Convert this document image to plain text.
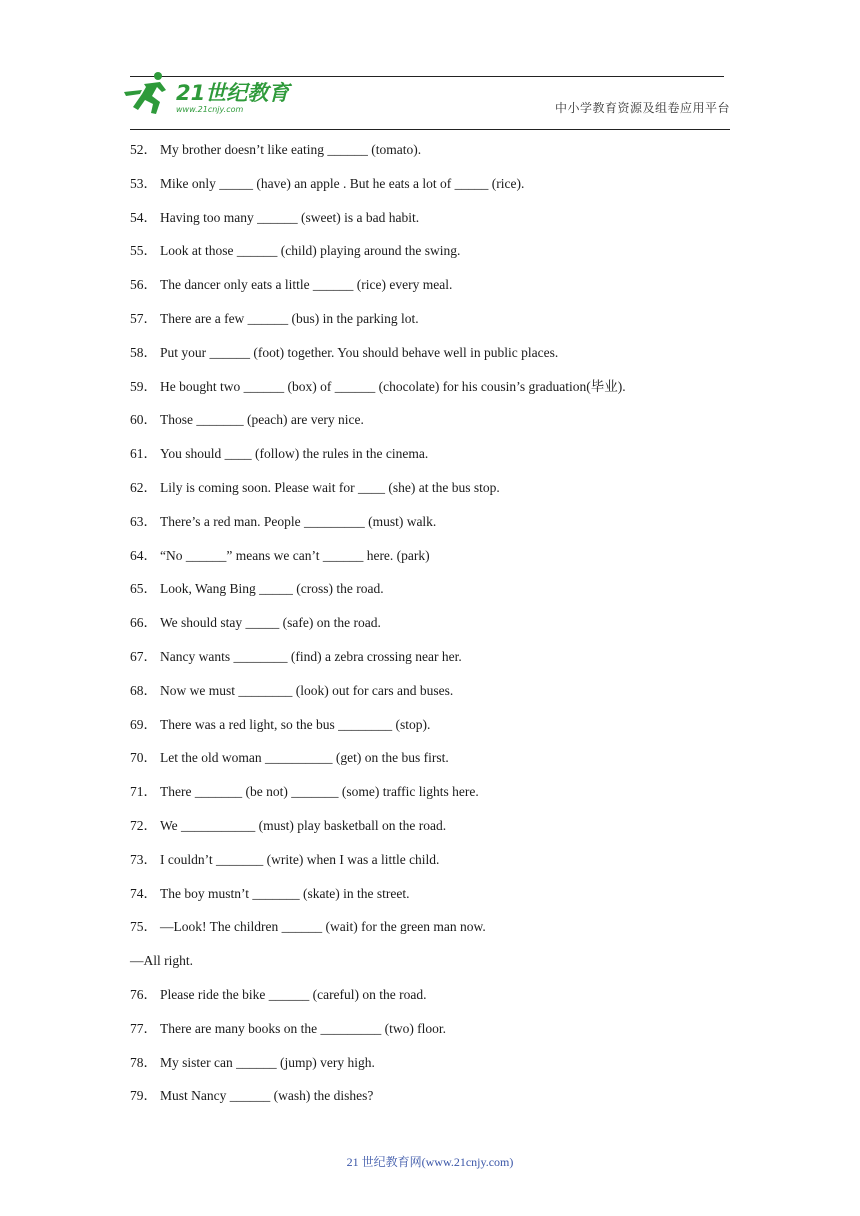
21世纪教育
www.21cnjy.com	中小学教育资源及组卷应用平台
52． My brother doesn’t like eating ______ (tomato).
53． Mike only _____ (have) an apple . But he eats a lot of _____ (rice).
54． Having too many ______ (sweet) is a bad habit.
55． Look at those ______ (child) playing around the swing.
56． The dancer only eats a little ______ (rice) every meal.
57． There are a few ______ (bus) in the parking lot.
58． Put your ______ (foot) together. You should behave well in public places.
59． He bought two ______ (box) of ______ (chocolate) for his cousin’s graduation(毕业).
60． Those _______ (peach) are very nice.
61． You should ____ (follow) the rules in the cinema.
62． Lily is coming soon. Please wait for ____ (she) at the bus stop.
63． There’s a red man. People _________ (must) walk.
64． “No ______” means we can’t ______ here. (park)
65． Look, Wang Bing _____ (cross) the road.
66． We should stay _____ (safe) on the road.
67． Nancy wants ________ (find) a zebra crossing near her.
68． Now we must ________ (look) out for cars and buses.
69． There was a red light, so the bus ________ (stop).
70． Let the old woman __________ (get) on the bus first.
71． There _______ (be not) _______ (some) traffic lights here.
72． We ___________ (must) play basketball on the road.
73． I couldn’t _______ (write) when I was a little child.
74． The boy mustn’t _______ (skate) in the street.
75． —Look! The children ______ (wait) for the green man now.
—All right.
76． Please ride the bike ______ (careful) on the road.
77． There are many books on the _________ (two) floor.
78． My sister can ______ (jump) very high.
79． Must Nancy ______ (wash) the dishes?
21 世纪教育网(www.21cnjy.com)
